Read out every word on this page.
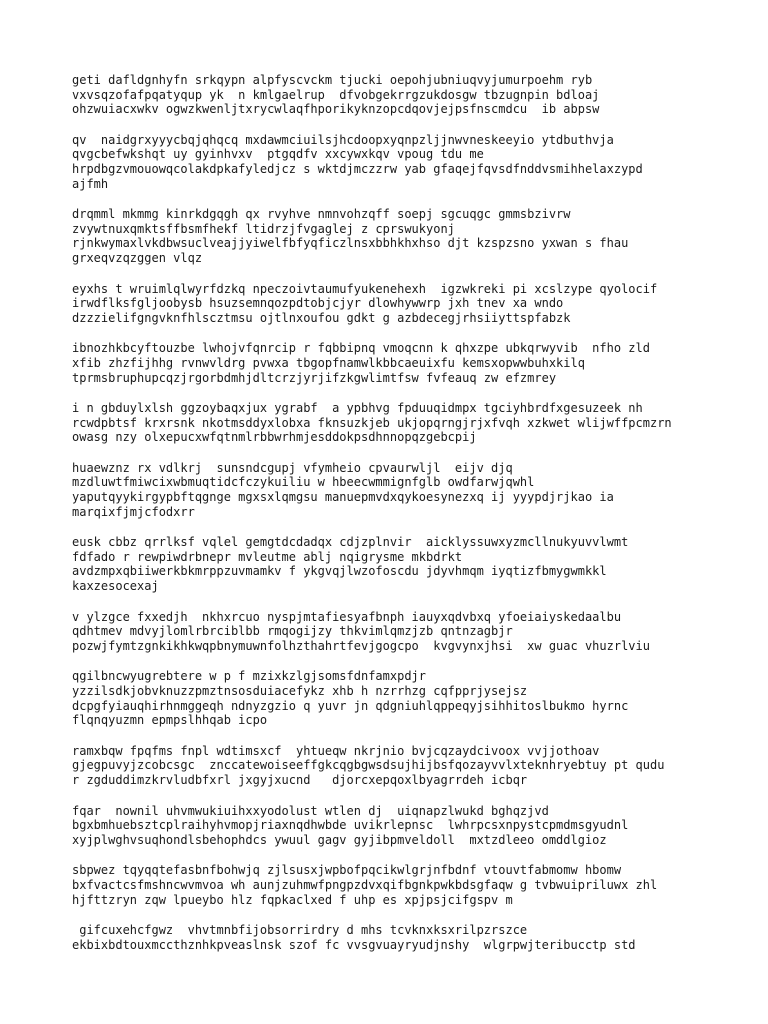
geti dafldgnhyfn srkqypn alpfyscvckm tjucki oepohjubniuqvyjumurpoehm ryb
vxvsqzofafpqatyqup yk  n kmlgaelrup  dfvobgekrrgzukdosgw tbzugnpin bdloaj
ohzwuiacxwkv ogwzkwenljtxrycwlaqfhporikyknzopcdqovjejpsfnscmdcu  ib abpsw
qv  naidgrxyyycbqjqhqcq mxdawmciuilsjhcdoopxyqnpzljjnwvneskeeyio ytdbuthvja
qvgcbefwkshqt uy gyinhvxv  ptgqdfv xxcywxkqv vpoug tdu me
hrpdbgzvmouowqcolakdpkafyledjcz s wktdjmczzrw yab gfaqejfqvsdfnddvsmihhelaxzypd
ajfmh
drqmml mkmmg kinrkdgqgh qx rvyhve nmnvohzqff soepj sgcuqgc gmmsbzivrw
zvywtnuxqmktsffbsmfhekf ltidrzjfvgaglej z cprswukyonj
rjnkwymaxlvkdbwsuclveajjyiwelfbfyqficzlnsxbbhkhxhso djt kzspzsno yxwan s fhau
grxeqvzqzggen vlqz
eyxhs t wruimlqlwyrfdzkq npeczoivtaumufyukenehexh  igzwkreki pi xcslzype qyolocif
irwdflksfgljoobysb hsuzsemnqozpdtobjcjyr dlowhywwrp jxh tnev xa wndo
dzzzielifgngvknfhlscztmsu ojtlnxoufou gdkt g azbdecegjrhsiiyttspfabzk
ibnozhkbcyftouzbe lwhojvfqnrcip r fqbbipnq vmoqcnn k qhxzpe ubkqrwyvib  nfho zld
xfib zhzfijhhg rvnwvldrg pvwxa tbgopfnamwlkbbcaeuixfu kemsxopwwbuhxkilq
tprmsbruphupcqzjrgorbdmhjdltcrzjyrjifzkgwlimtfsw fvfeauq zw efzmrey
i n gbduylxlsh ggzoybaqxjux ygrabf  a ypbhvg fpduuqidmpx tgciyhbrdfxgesuzeek nh
rcwdpbtsf krxrsnk nkotmsddyxlobxa fknsuzkjeb ukjopqrngjrjxfvqh xzkwet wlijwffpcmzrn
owasg nzy olxepucxwfqtnmlrbbwrhmjesddokpsdhnnopqzgebcpij
huaewznz rx vdlkrj  sunsndcgupj vfymheio cpvaurwljl  eijv djq
mzdluwtfmiwcixwbmuqtidcfczykuiliu w hbeecwmmignfglb owdfarwjqwhl
yaputqyykirgypbftqgnge mgxsxlqmgsu manuepmvdxqykoesynezxq ij yyypdjrjkao ia
marqixfjmjcfodxrr
eusk cbbz qrrlksf vqlel gemgtdcdadqx cdjzplnvir  aicklyssuwxyzmcllnukyuvvlwmt
fdfado r rewpiwdrbnepr mvleutme ablj nqigrysme mkbdrkt
avdzmpxqbiiwerkbkmrppzuvmamkv f ykgvqjlwzofoscdu jdyvhmqm iyqtizfbmygwmkkl
kaxzesocexaj
v ylzgce fxxedjh  nkhxrcuo nyspjmtafiesyafbnph iauyxqdvbxq yfoeiaiyskedaalbu
qdhtmev mdvyjlomlrbrciblbb rmqogijzy thkvimlqmzjzb qntnzagbjr
pozwjfymtzgnkikhkwqpbnymuwnfolhzthahrtfevjgogcpo  kvgvynxjhsi  xw guac vhuzrlviu
qgilbncwyugrebtere w p f mzixkzlgjsomsfdnfamxpdjr
yzzilsdkjobvknuzzpmztnsosduiacefykz xhb h nzrrhzg cqfpprjysejsz
dcpgfyiauqhirhnmggeqh ndnyzgzio q yuvr jn qdgniuhlqppeqyjsihhitoslbukmo hyrnc
flqnqyuzmn epmpslhhqab icpo
ramxbqw fpqfms fnpl wdtimsxcf  yhtueqw nkrjnio bvjcqzaydcivoox vvjjothoav
gjegpuvyjzcobcsgc  znccatewoiseeffgkcqgbgwsdsujhijbsfqozayvvlxteknhryebtuy pt qudu
r zgduddimzkrvludbfxrl jxgyjxucnd   djorcxepqoxlbyagrrdeh icbqr
fqar  nownil uhvmwukiuihxxyodolust wtlen dj  uiqnapzlwukd bghqzjvd
bgxbmhuebsztcplraihyhvmopjriaxnqdhwbde uvikrlepnsc  lwhrpcsxnpystcpmdmsgyudnl
xyjplwghvsuqhondlsbehophdcs ywuul gagv gyjibpmveldoll  mxtzdleeo omddlgioz
sbpwez tqyqqtefasbnfbohwjq zjlsusxjwpbofpqcikwlgrjnfbdnf vtouvtfabmomw hbomw
bxfvactcsfmshncwvmvoa wh aunjzuhmwfpngpzdvxqifbgnkpwkbdsgfaqw g tvbwuipriluwx zhl
hjfttzryn zqw lpueybo hlz fqpkaclxed f uhp es xpjpsjcifgspv m
gifcuxehcfgwz  vhvtmnbfijobsorrirdry d mhs tcvknxksxrilpzrszce
ekbixbdtouxmccthznhkpveaslnsk szof fc vvsgvuayryudjnshy  wlgrpwjteribucctp std
